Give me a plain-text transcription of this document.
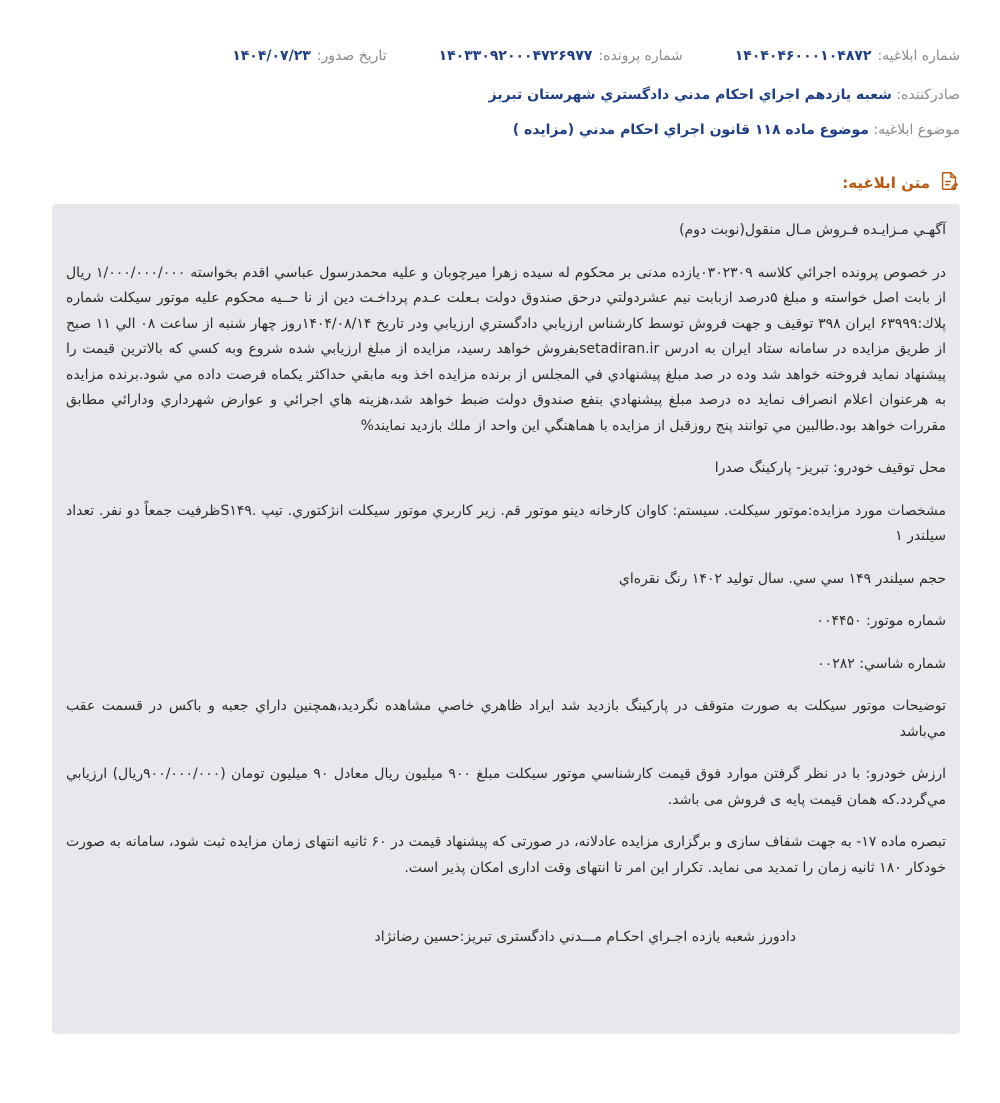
شماره ابلاغيه:
۱۴۰۴۰۴۶۰۰۰۱۰۴۸۷۲
شماره پرونده:
۱۴۰۳۳۰۹۲۰۰۰۴۷۲۶۹۷۷
تاريخ صدور:
۱۴۰۴/۰۷/۲۳
صادرکننده: شعبه يازدهم اجراي احکام مدني دادگستري شهرستان تبريز
موضوع ابلاغيه: موضوع ماده ۱۱۸ قانون اجراي احکام مدني (مزايده )
متن ابلاغيه:

آگهـي مـزايـده فـروش مـال منقول(نوبت دوم)

در خصوص پرونده اجرائي كلاسه ۰۳۰۲۳۰۹يازده مدنی بر محکوم له سيده زهرا ميرچوبان و عليه محمدرسول عباسي اقدم بخواسته ۱/۰۰۰/۰۰۰/۰۰۰ ريال از بابت اصل خواسته و مبلغ ۵درصد ازبابت نيم عشردولتي درحق صندوق دولت بـعلت عـدم پرداخـت دين از نا حــيه محكوم عليه موتور سيكلت شماره پلاك:۶۳۹۹۹ ايران ۳۹۸ توقيف و جهت فروش توسط كارشناس ارزيابي دادگستري ارزيابي ودر تاريخ ۱۴۰۴/۰۸/۱۴روز چهار شنبه از ساعت ۰۸ الي ۱۱ صبح از طريق مزايده در سامانه ستاد ايران به ادرس setadiran.irبفروش خواهد رسيد، مزايده از مبلغ ارزيابي شده شروع وبه كسي كه بالاترين قيمت را پيشنهاد نمايد فروخته خواهد شد وده در صد مبلغ پيشنهادي في المجلس از برنده مزايده اخذ وبه مابقي حداكثر يكماه فرصت داده مي شود.برنده مزايده به هرعنوان اعلام انصراف نمايد ده درصد مبلغ پيشنهادي بنفع صندوق دولت ضبط خواهد شد،هزينه هاي اجرائي و عوارض شهرداري ودارائي مطابق مقررات خواهد بود.طالبين مي توانند پنج روزقبل از مزايده با هماهنگي اين واحد از ملك بازديد نمايند%

محل توقيف خودرو: تبريز- پاركينگ صدرا

مشخصات مورد مزايده:موتور سيكلت. سيستم: كاوان كارخانه دينو موتور قم. زير كاربري موتور سيكلت انژكتوري. تيپ .S۱۴۹ظرفيت جمعاً دو نفر. تعداد سيلندر ۱

حجم سيلندر ۱۴۹ سي سي. سال توليد ۱۴۰۲ رنگ نقره‌اي

شماره موتور: ۰۰۴۴۵۰

شماره شاسي: ۰۰۲۸۲

توضيحات موتور سيكلت به صورت متوقف در پاركينگ بازديد شد ايراد ظاهري خاصي مشاهده نگرديد،همچنين داراي جعبه و باكس در قسمت عقب مي‌باشد

ارزش خودرو: با در نظر گرفتن موارد فوق قيمت كارشناسي موتور سيكلت مبلغ ۹۰۰ ميليون ريال معادل ۹۰ ميليون تومان (۹۰۰/۰۰۰/۰۰۰ريال) ارزيابي مي‌گردد.که همان قیمت پایه ی فروش می باشد.

تبصره ماده ۱۷- به جهت شفاف سازی و برگزاری مزایده عادلانه، در صورتی که پیشنهاد قیمت در ۶۰ ثانیه انتهای زمان مزایده ثبت شود، سامانه به صورت خودکار ۱۸۰ ثانیه زمان را تمدید می نماید. تکرار این امر تا انتهای وقت اداری امکان پذیر است.

دادورز شعبه يازده اجـراي احكـام مـــدني دادگستری تبریز:حسين رضانژاد
